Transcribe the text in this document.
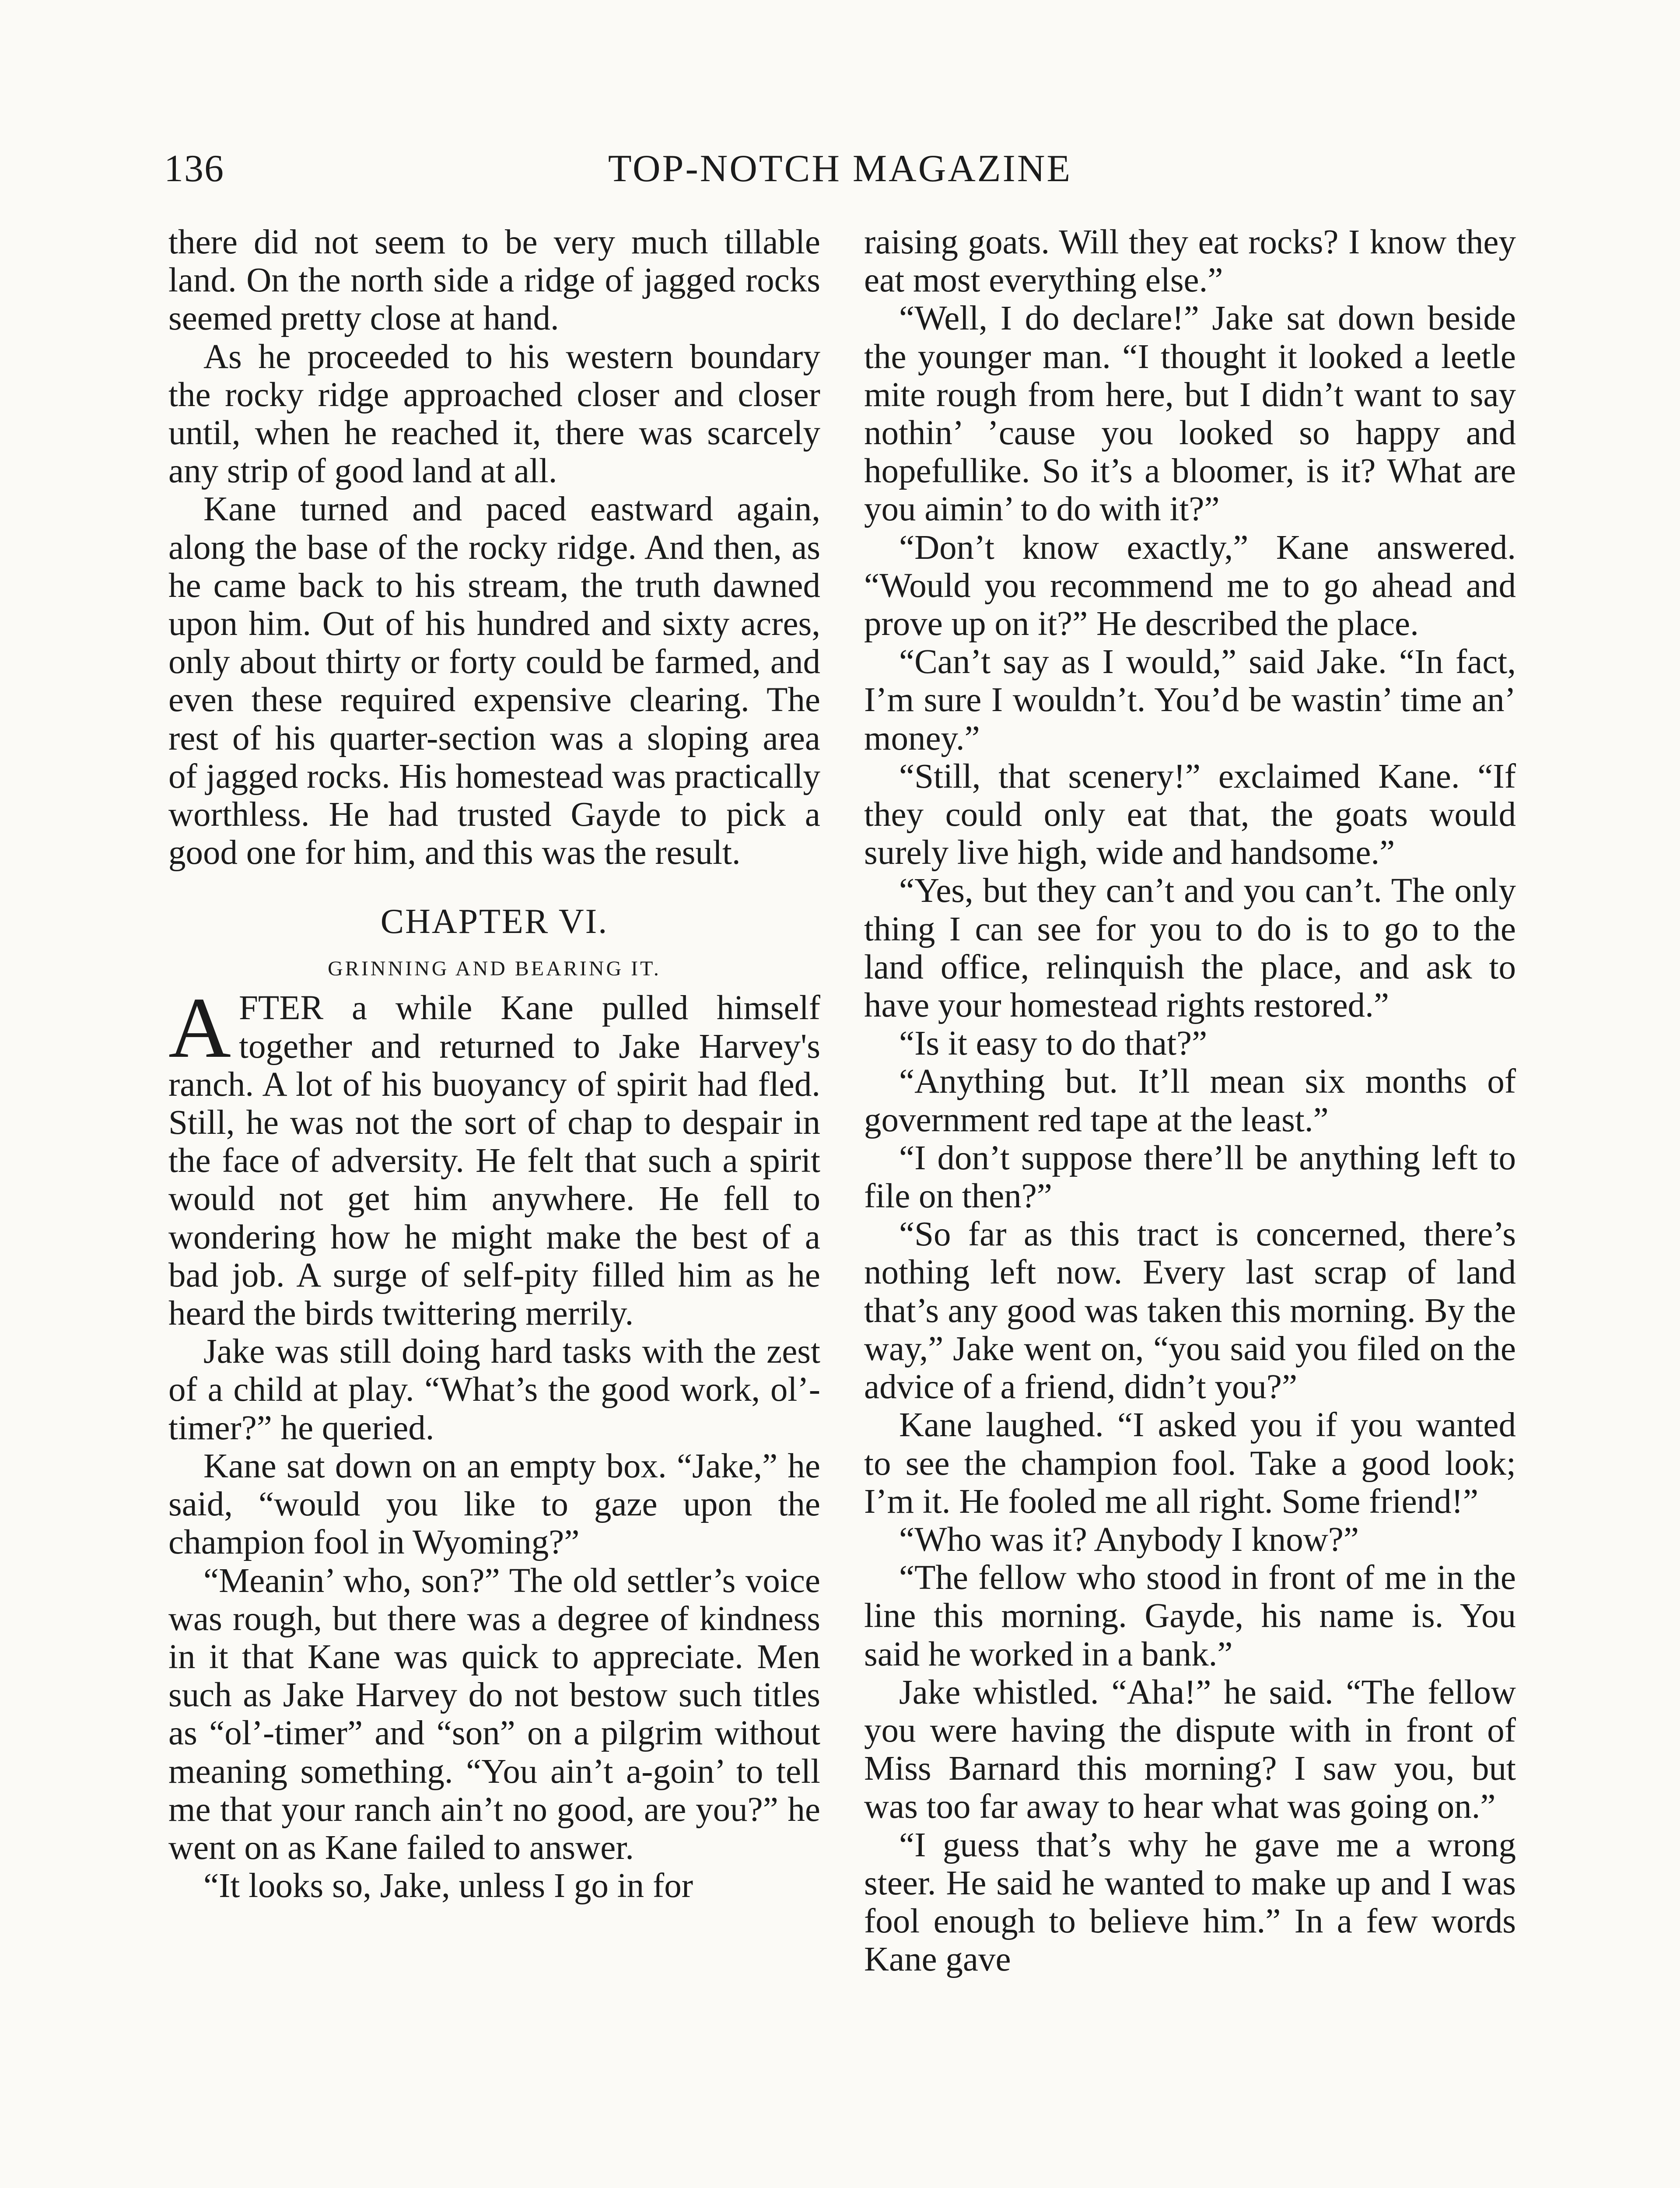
136	TOP-NOTCH MAGAZINE

there did not seem to be very much tillable land. On the north side a ridge of jagged rocks seemed pretty close at hand.

As he proceeded to his western boundary the rocky ridge approached closer and closer until, when he reached it, there was scarcely any strip of good land at all.

Kane turned and paced eastward again, along the base of the rocky ridge. And then, as he came back to his stream, the truth dawned upon him. Out of his hundred and sixty acres, only about thirty or forty could be farmed, and even these required expensive clearing. The rest of his quarter-section was a sloping area of jagged rocks. His homestead was practically worthless. He had trusted Gayde to pick a good one for him, and this was the result.

CHAPTER VI.
GRINNING AND BEARING IT.

AFTER a while Kane pulled himself together and returned to Jake Harvey's ranch. A lot of his buoyancy of spirit had fled. Still, he was not the sort of chap to despair in the face of adversity. He felt that such a spirit would not get him anywhere. He fell to wondering how he might make the best of a bad job. A surge of self-pity filled him as he heard the birds twittering merrily.

Jake was still doing hard tasks with the zest of a child at play. “What’s the good work, ol’-timer?” he queried.

Kane sat down on an empty box. “Jake,” he said, “would you like to gaze upon the champion fool in Wyoming?”

“Meanin’ who, son?” The old settler’s voice was rough, but there was a degree of kindness in it that Kane was quick to appreciate. Men such as Jake Harvey do not bestow such titles as “ol’-timer” and “son” on a pilgrim without meaning something. “You ain’t a-goin’ to tell me that your ranch ain’t no good, are you?” he went on as Kane failed to answer.

“It looks so, Jake, unless I go in for

raising goats. Will they eat rocks? I know they eat most everything else.”

“Well, I do declare!” Jake sat down beside the younger man. “I thought it looked a leetle mite rough from here, but I didn’t want to say nothin’ ’cause you looked so happy and hopefullike. So it’s a bloomer, is it? What are you aimin’ to do with it?”

“Don’t know exactly,” Kane answered. “Would you recommend me to go ahead and prove up on it?” He described the place.

“Can’t say as I would,” said Jake. “In fact, I’m sure I wouldn’t. You’d be wastin’ time an’ money.”

“Still, that scenery!” exclaimed Kane. “If they could only eat that, the goats would surely live high, wide and handsome.”

“Yes, but they can’t and you can’t. The only thing I can see for you to do is to go to the land office, relinquish the place, and ask to have your homestead rights restored.”

“Is it easy to do that?”

“Anything but. It’ll mean six months of government red tape at the least.”

“I don’t suppose there’ll be anything left to file on then?”

“So far as this tract is concerned, there’s nothing left now. Every last scrap of land that’s any good was taken this morning. By the way,” Jake went on, “you said you filed on the advice of a friend, didn’t you?”

Kane laughed. “I asked you if you wanted to see the champion fool. Take a good look; I’m it. He fooled me all right. Some friend!”

“Who was it? Anybody I know?”

“The fellow who stood in front of me in the line this morning. Gayde, his name is. You said he worked in a bank.”

Jake whistled. “Aha!” he said. “The fellow you were having the dispute with in front of Miss Barnard this morning? I saw you, but was too far away to hear what was going on.”

“I guess that’s why he gave me a wrong steer. He said he wanted to make up and I was fool enough to believe him.” In a few words Kane gave
